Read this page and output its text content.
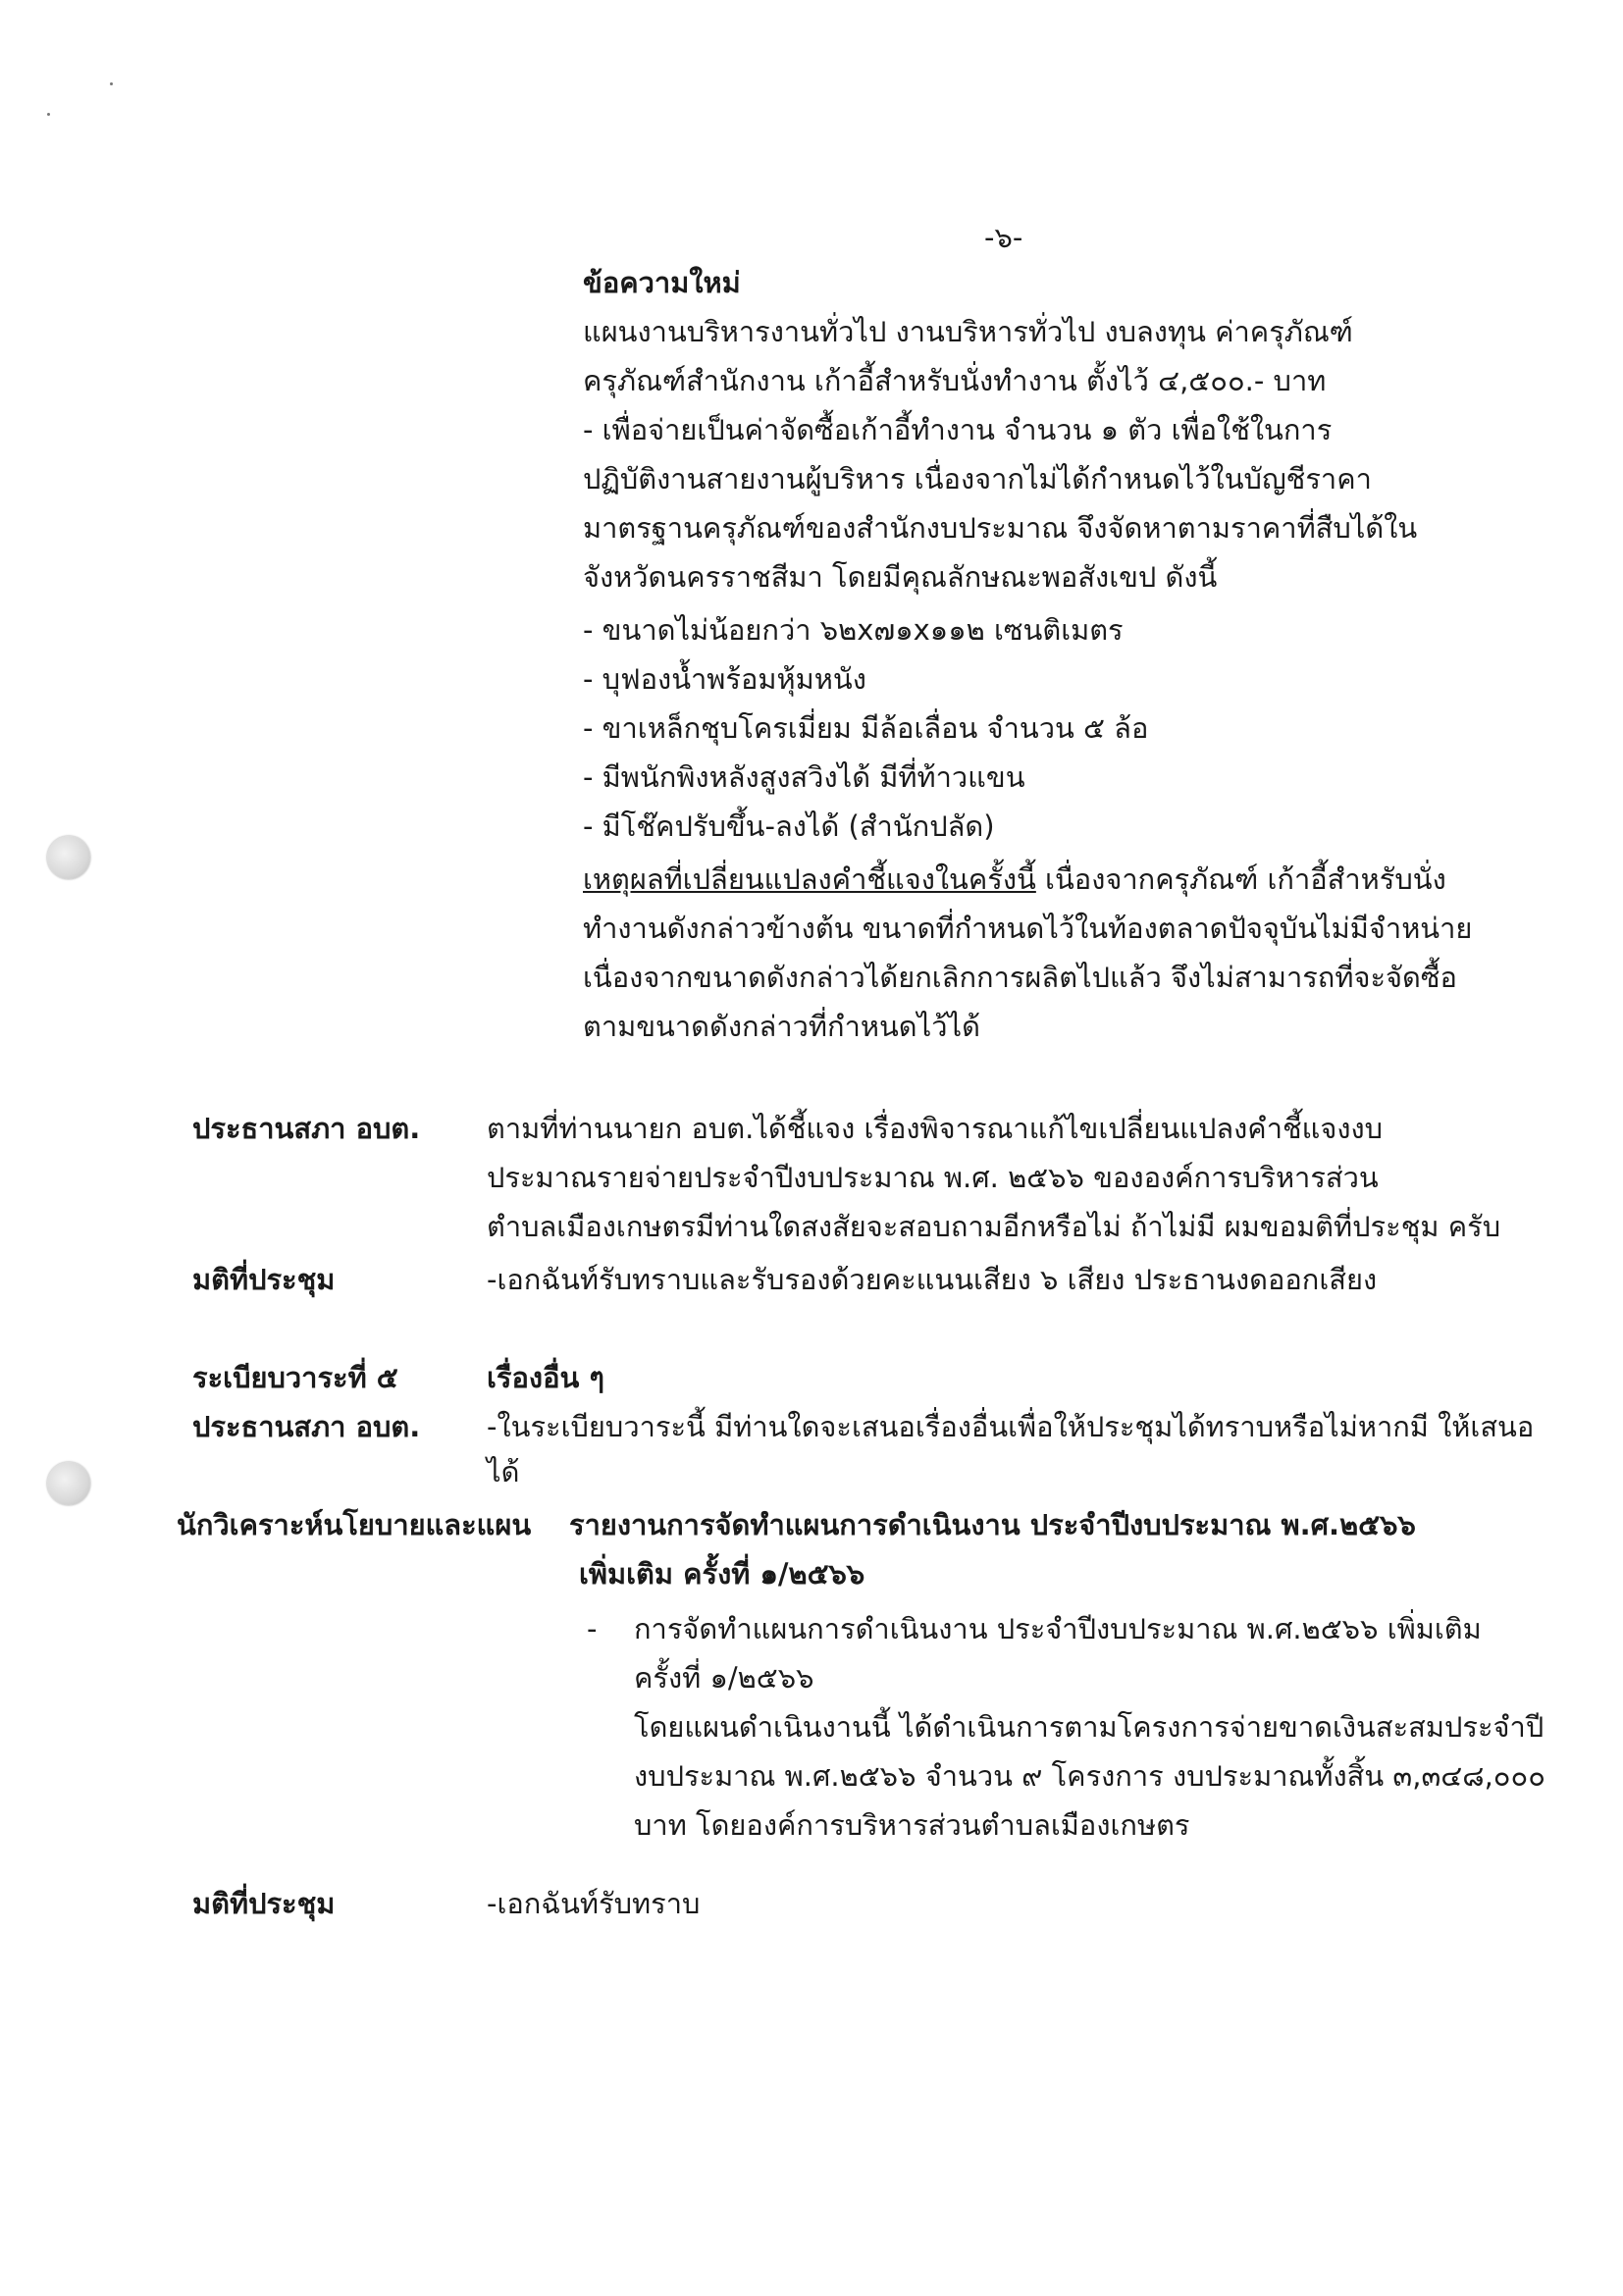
-๖-
ข้อความใหม่
แผนงานบริหารงานทั่วไป งานบริหารทั่วไป งบลงทุน ค่าครุภัณฑ์
ครุภัณฑ์สำนักงาน เก้าอี้สำหรับนั่งทำงาน ตั้งไว้ ๔,๕๐๐.- บาท
- เพื่อจ่ายเป็นค่าจัดซื้อเก้าอี้ทำงาน จำนวน ๑ ตัว เพื่อใช้ในการ
ปฏิบัติงานสายงานผู้บริหาร เนื่องจากไม่ได้กำหนดไว้ในบัญชีราคา
มาตรฐานครุภัณฑ์ของสำนักงบประมาณ จึงจัดหาตามราคาที่สืบได้ใน
จังหวัดนครราชสีมา โดยมีคุณลักษณะพอสังเขป ดังนี้
- ขนาดไม่น้อยกว่า ๖๒x๗๑x๑๑๒ เซนติเมตร
- บุฟองน้ำพร้อมหุ้มหนัง
- ขาเหล็กชุบโครเมี่ยม มีล้อเลื่อน จำนวน ๕ ล้อ
- มีพนักพิงหลังสูงสวิงได้ มีที่ท้าวแขน
- มีโช๊คปรับขึ้น-ลงได้ (สำนักปลัด)
เหตุผลที่เปลี่ยนแปลงคำชี้แจงในครั้งนี้ เนื่องจากครุภัณฑ์ เก้าอี้สำหรับนั่ง
ทำงานดังกล่าวข้างต้น ขนาดที่กำหนดไว้ในท้องตลาดปัจจุบันไม่มีจำหน่าย
เนื่องจากขนาดดังกล่าวได้ยกเลิกการผลิตไปแล้ว จึงไม่สามารถที่จะจัดซื้อ
ตามขนาดดังกล่าวที่กำหนดไว้ได้
ประธานสภา อบต. ตามที่ท่านนายก อบต.ได้ชี้แจง เรื่องพิจารณาแก้ไขเปลี่ยนแปลงคำชี้แจงงบ
ประมาณรายจ่ายประจำปีงบประมาณ พ.ศ. ๒๕๖๖ ขององค์การบริหารส่วน
ตำบลเมืองเกษตรมีท่านใดสงสัยจะสอบถามอีกหรือไม่ ถ้าไม่มี ผมขอมติที่ประชุม ครับ
มติที่ประชุม	-เอกฉันท์รับทราบและรับรองด้วยคะแนนเสียง ๖ เสียง ประธานงดออกเสียง
ระเบียบวาระที่ ๕	เรื่องอื่น ๆ
ประธานสภา อบต. -ในระเบียบวาระนี้ มีท่านใดจะเสนอเรื่องอื่นเพื่อให้ประชุมได้ทราบหรือไม่หากมี ให้เสนอ
ได้
นักวิเคราะห์นโยบายและแผน รายงานการจัดทำแผนการดำเนินงาน ประจำปีงบประมาณ พ.ศ.๒๕๖๖
เพิ่มเติม ครั้งที่ ๑/๒๕๖๖
- การจัดทำแผนการดำเนินงาน ประจำปีงบประมาณ พ.ศ.๒๕๖๖ เพิ่มเติม
ครั้งที่ ๑/๒๕๖๖
โดยแผนดำเนินงานนี้ ได้ดำเนินการตามโครงการจ่ายขาดเงินสะสมประจำปี
งบประมาณ พ.ศ.๒๕๖๖ จำนวน ๙ โครงการ งบประมาณทั้งสิ้น ๓,๓๔๘,๐๐๐
บาท โดยองค์การบริหารส่วนตำบลเมืองเกษตร
มติที่ประชุม	-เอกฉันท์รับทราบ
